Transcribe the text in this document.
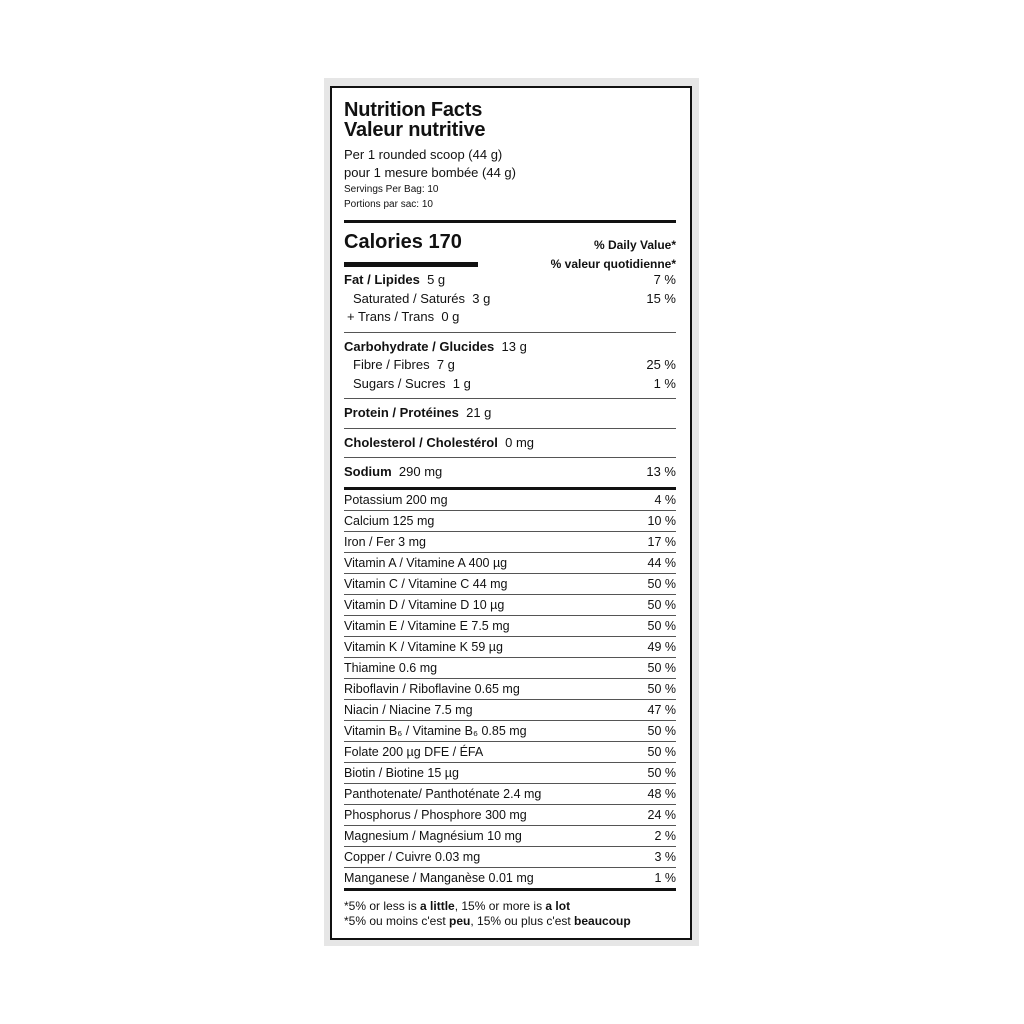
Nutrition Facts
Valeur nutritive
Per 1 rounded scoop (44 g)
pour 1 mesure bombée (44 g)
Servings Per Bag: 10
Portions par sac: 10
Calories 170	% Daily Value*
% valeur quotidienne*
Fat / Lipides 5 g	7 %
Saturated / Saturés 3 g	15 %
+ Trans / Trans 0 g
Carbohydrate / Glucides 13 g
Fibre / Fibres 7 g	25 %
Sugars / Sucres 1 g	1 %
Protein / Protéines 21 g
Cholesterol / Cholestérol 0 mg
Sodium 290 mg	13 %
Potassium 200 mg	4 %
Calcium 125 mg	10 %
Iron / Fer 3 mg	17 %
Vitamin A / Vitamine A 400 µg	44 %
Vitamin C / Vitamine C 44 mg	50 %
Vitamin D / Vitamine D 10 µg	50 %
Vitamin E / Vitamine E 7.5 mg	50 %
Vitamin K / Vitamine K 59 µg	49 %
Thiamine 0.6 mg	50 %
Riboflavin / Riboflavine 0.65 mg	50 %
Niacin / Niacine 7.5 mg	47 %
Vitamin B₆ / Vitamine B₆ 0.85 mg	50 %
Folate 200 µg DFE / ÉFA	50 %
Biotin / Biotine 15 µg	50 %
Panthotenate/ Panthoténate 2.4 mg	48 %
Phosphorus / Phosphore 300 mg	24 %
Magnesium / Magnésium 10 mg	2 %
Copper / Cuivre 0.03 mg	3 %
Manganese / Manganèse 0.01 mg	1 %
*5% or less is a little, 15% or more is a lot
*5% ou moins c'est peu, 15% ou plus c'est beaucoup
